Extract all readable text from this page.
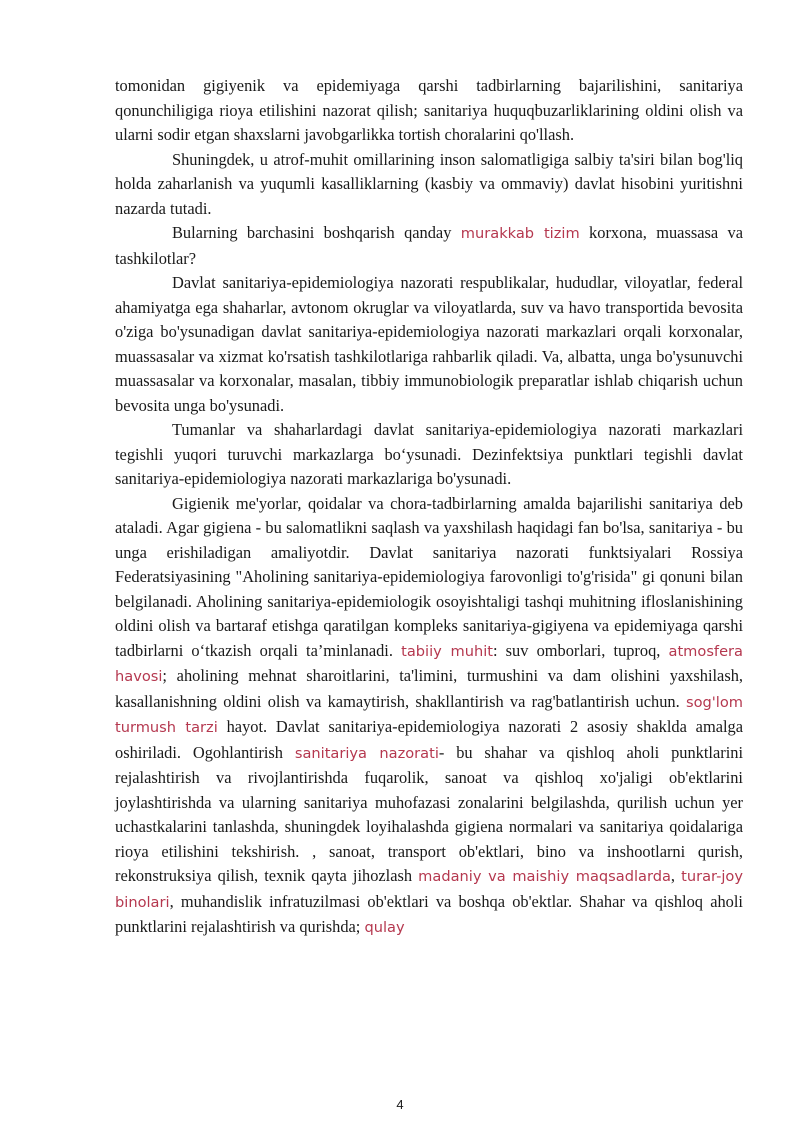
tomonidan gigiyenik va epidemiyaga qarshi tadbirlarning bajarilishini, sanitariya qonunchiligiga rioya etilishini nazorat qilish; sanitariya huquqbuzarliklarining oldini olish va ularni sodir etgan shaxslarni javobgarlikka tortish choralarini qo'llash.

Shuningdek, u atrof-muhit omillarining inson salomatligiga salbiy ta'siri bilan bog'liq holda zaharlanish va yuqumli kasalliklarning (kasbiy va ommaviy) davlat hisobini yuritishni nazarda tutadi.

Bularning barchasini boshqarish qanday murakkab tizim korxona, muassasa va tashkilotlar?

Davlat sanitariya-epidemiologiya nazorati respublikalar, hududlar, viloyatlar, federal ahamiyatga ega shaharlar, avtonom okruglar va viloyatlarda, suv va havo transportida bevosita o'ziga bo'ysunadigan davlat sanitariya-epidemiologiya nazorati markazlari orqali korxonalar, muassasalar va xizmat ko'rsatish tashkilotlariga rahbarlik qiladi. Va, albatta, unga bo'ysunuvchi muassasalar va korxonalar, masalan, tibbiy immunobiologik preparatlar ishlab chiqarish uchun bevosita unga bo'ysunadi.

Tumanlar va shaharlardagi davlat sanitariya-epidemiologiya nazorati markazlari tegishli yuqori turuvchi markazlarga bo‘ysunadi. Dezinfektsiya punktlari tegishli davlat sanitariya-epidemiologiya nazorati markazlariga bo'ysunadi.

Gigienik me'yorlar, qoidalar va chora-tadbirlarning amalda bajarilishi sanitariya deb ataladi. Agar gigiena - bu salomatlikni saqlash va yaxshilash haqidagi fan bo'lsa, sanitariya - bu unga erishiladigan amaliyotdir. Davlat sanitariya nazorati funktsiyalari Rossiya Federatsiyasining "Aholining sanitariya-epidemiologiya farovonligi to'g'risida" gi qonuni bilan belgilanadi. Aholining sanitariya-epidemiologik osoyishtaligi tashqi muhitning ifloslanishining oldini olish va bartaraf etishga qaratilgan kompleks sanitariya-gigiyena va epidemiyaga qarshi tadbirlarni o‘tkazish orqali ta’minlanadi. tabiiy muhit: suv omborlari, tuproq, atmosfera havosi; aholining mehnat sharoitlarini, ta'limini, turmushini va dam olishini yaxshilash, kasallanishning oldini olish va kamaytirish, shakllantirish va rag'batlantirish uchun. sog'lom turmush tarzi hayot. Davlat sanitariya-epidemiologiya nazorati 2 asosiy shaklda amalga oshiriladi. Ogohlantirish sanitariya nazorati- bu shahar va qishloq aholi punktlarini rejalashtirish va rivojlantirishda fuqarolik, sanoat va qishloq xo'jaligi ob'ektlarini joylashtirishda va ularning sanitariya muhofazasi zonalarini belgilashda, qurilish uchun yer uchastkalarini tanlashda, shuningdek loyihalashda gigiena normalari va sanitariya qoidalariga rioya etilishini tekshirish. , sanoat, transport ob'ektlari, bino va inshootlarni qurish, rekonstruksiya qilish, texnik qayta jihozlash madaniy va maishiy maqsadlarda, turar-joy binolari, muhandislik infratuzilmasi ob'ektlari va boshqa ob'ektlar. Shahar va qishloq aholi punktlarini rejalashtirish va qurishda; qulay

4
